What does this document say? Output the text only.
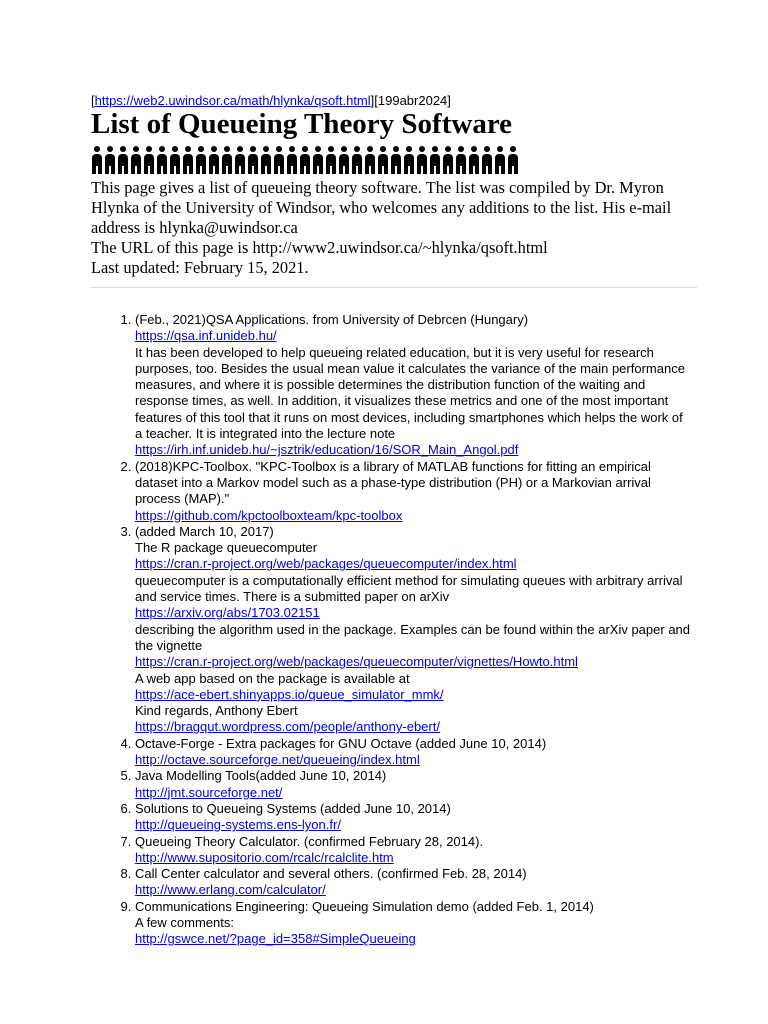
[https://web2.uwindsor.ca/math/hlynka/qsoft.html][199abr2024]
List of Queueing Theory Software

This page gives a list of queueing theory software. The list was compiled by Dr. Myron Hlynka of the University of Windsor, who welcomes any additions to the list. His e-mail address is hlynka@uwindsor.ca

The URL of this page is http://www2.uwindsor.ca/~hlynka/qsoft.html

Last updated: February 15, 2021.

1. (Feb., 2021)QSA Applications. from University of Debrcen (Hungary)
https://qsa.inf.unideb.hu/
It has been developed to help queueing related education, but it is very useful for research purposes, too. Besides the usual mean value it calculates the variance of the main performance measures, and where it is possible determines the distribution function of the waiting and response times, as well. In addition, it visualizes these metrics and one of the most important features of this tool that it runs on most devices, including smartphones which helps the work of a teacher. It is integrated into the lecture note
https://irh.inf.unideb.hu/~jsztrik/education/16/SOR_Main_Angol.pdf
2. (2018)KPC-Toolbox. "KPC-Toolbox is a library of MATLAB functions for fitting an empirical dataset into a Markov model such as a phase-type distribution (PH) or a Markovian arrival process (MAP)."
https://github.com/kpctoolboxteam/kpc-toolbox
3. (added March 10, 2017)
The R package queuecomputer
https://cran.r-project.org/web/packages/queuecomputer/index.html
queuecomputer is a computationally efficient method for simulating queues with arbitrary arrival and service times. There is a submitted paper on arXiv
https://arxiv.org/abs/1703.02151
describing the algorithm used in the package. Examples can be found within the arXiv paper and the vignette
https://cran.r-project.org/web/packages/queuecomputer/vignettes/Howto.html
A web app based on the package is available at
https://ace-ebert.shinyapps.io/queue_simulator_mmk/
Kind regards, Anthony Ebert
https://bragqut.wordpress.com/people/anthony-ebert/
4. Octave-Forge - Extra packages for GNU Octave (added June 10, 2014)
http://octave.sourceforge.net/queueing/index.html
5. Java Modelling Tools(added June 10, 2014)
http://jmt.sourceforge.net/
6. Solutions to Queueing Systems (added June 10, 2014)
http://queueing-systems.ens-lyon.fr/
7. Queueing Theory Calculator. (confirmed February 28, 2014).
http://www.supositorio.com/rcalc/rcalclite.htm
8. Call Center calculator and several others. (confirmed Feb. 28, 2014)
http://www.erlang.com/calculator/
9. Communications Engineering: Queueing Simulation demo (added Feb. 1, 2014)
A few comments:
http://gswce.net/?page_id=358#SimpleQueueing
